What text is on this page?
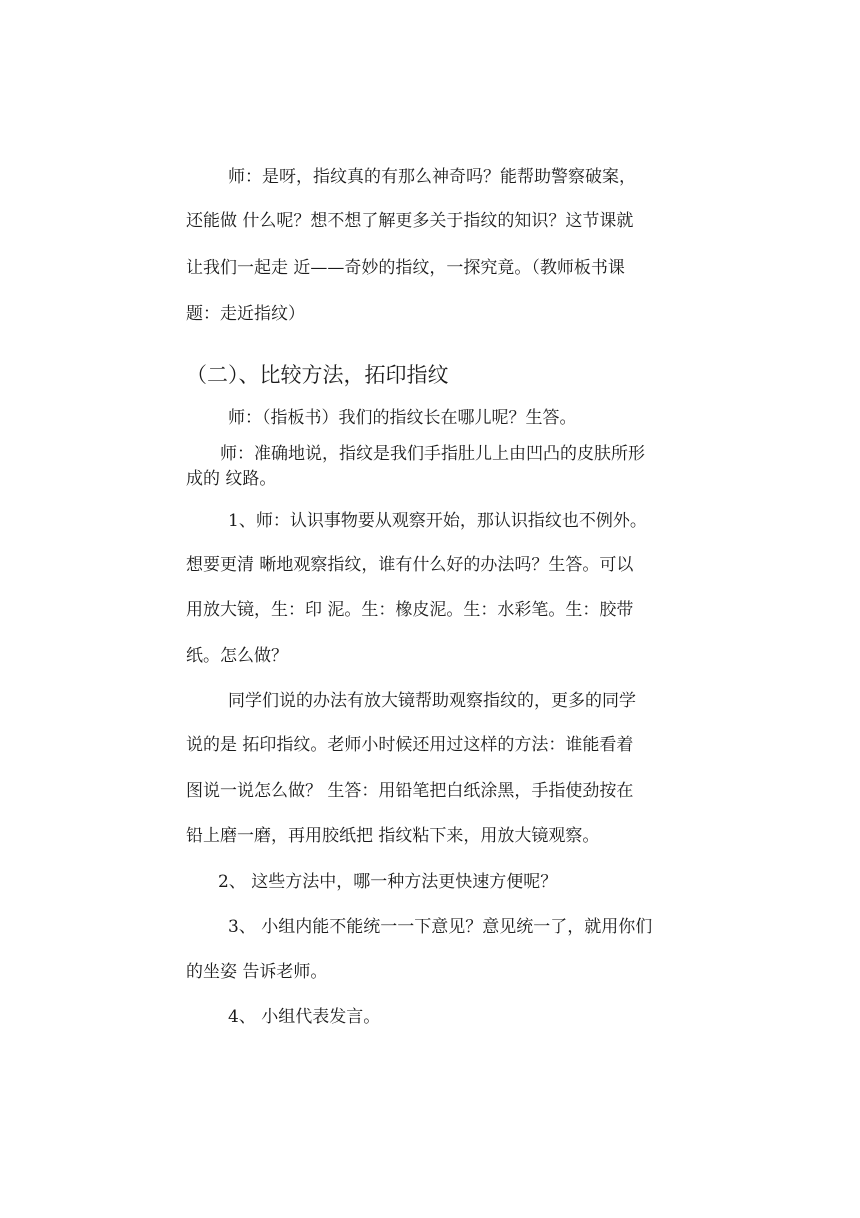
师：是呀，指纹真的有那么神奇吗？能帮助警察破案，
还能做 什么呢？想不想了解更多关于指纹的知识？这节课就
让我们一起走 近——奇妙的指纹，一探究竟。（教师板书课
题：走近指纹）
（二）、比较方法，拓印指纹
师：（指板书）我们的指纹长在哪儿呢？生答。
师：准确地说，指纹是我们手指肚儿上由凹凸的皮肤所形
成的 纹路。
1、师：认识事物要从观察开始，那认识指纹也不例外。
想要更清 晰地观察指纹，谁有什么好的办法吗？生答。可以
用放大镜，生：印 泥。生：橡皮泥。生：水彩笔。生：胶带
纸。怎么做？
同学们说的办法有放大镜帮助观察指纹的，更多的同学
说的是 拓印指纹。老师小时候还用过这样的方法：谁能看着
图说一说怎么做？ 生答：用铅笔把白纸涂黑，手指使劲按在
铅上磨一磨，再用胶纸把 指纹粘下来，用放大镜观察。
2、 这些方法中，哪一种方法更快速方便呢？
3、 小组内能不能统一一下意见？意见统一了，就用你们
的坐姿 告诉老师。
4、 小组代表发言。
